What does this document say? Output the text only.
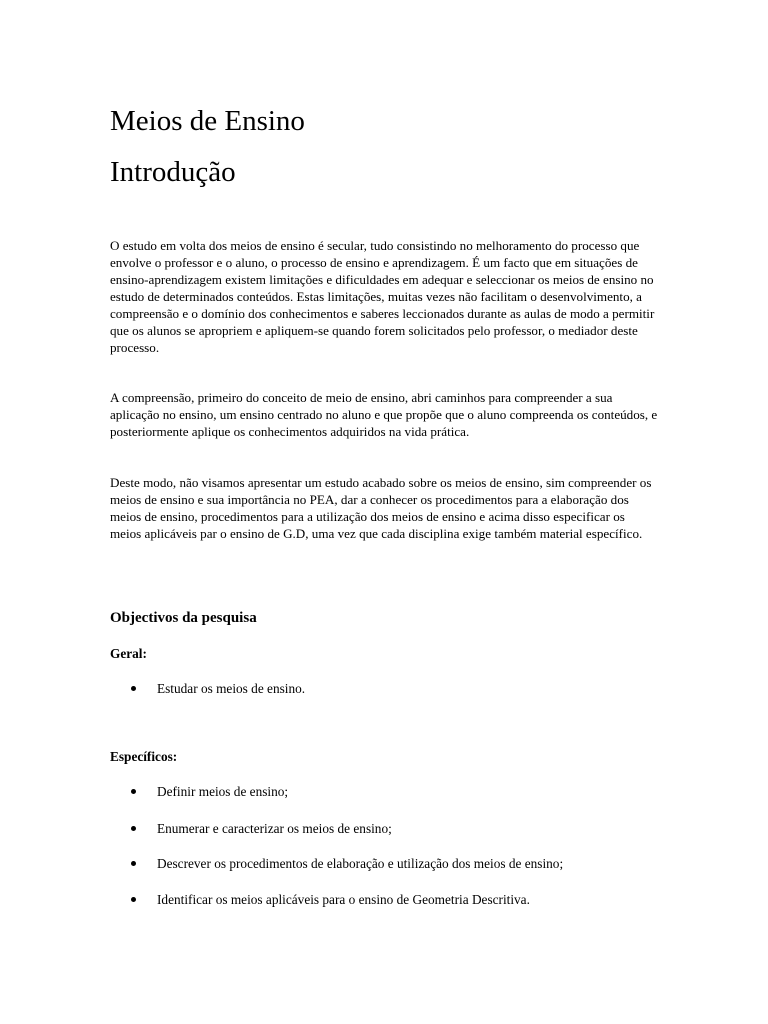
Meios de Ensino
Introdução

O estudo em volta dos meios de ensino é secular, tudo consistindo no melhoramento do processo que envolve o professor e o aluno, o processo de ensino e aprendizagem. É um facto que em situações de ensino-aprendizagem existem limitações e dificuldades em adequar e seleccionar os meios de ensino no estudo de determinados conteúdos. Estas limitações, muitas vezes não facilitam o desenvolvimento, a compreensão e o domínio dos conhecimentos e saberes leccionados durante as aulas de modo a permitir que os alunos se apropriem e apliquem-se quando forem solicitados pelo professor, o mediador deste processo.

A compreensão, primeiro do conceito de meio de ensino, abri caminhos para compreender a sua aplicação no ensino, um ensino centrado no aluno e que propõe que o aluno compreenda os conteúdos, e posteriormente aplique os conhecimentos adquiridos na vida prática.

Deste modo, não visamos apresentar um estudo acabado sobre os meios de ensino, sim compreender os meios de ensino e sua importância no PEA, dar a conhecer os procedimentos para a elaboração dos meios de ensino, procedimentos para a utilização dos meios de ensino e acima disso especificar os meios aplicáveis par o ensino de G.D, uma vez que cada disciplina exige também material específico.

Objectivos da pesquisa
Geral:
Estudar os meios de ensino.
Específicos:
Definir meios de ensino;
Enumerar e caracterizar os meios de ensino;
Descrever os procedimentos de elaboração e utilização dos meios de ensino;
Identificar os meios aplicáveis para o ensino de Geometria Descritiva.
